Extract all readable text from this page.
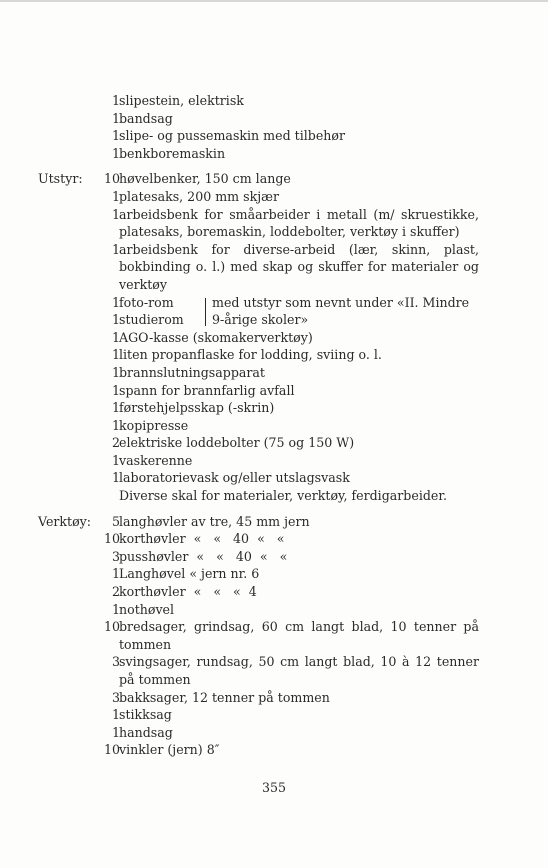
1 slipestein, elektrisk
1 bandsag
1 slipe- og pussemaskin med tilbehør
1 benkboremaskin
Utstyr:	10 høvelbenker, 150 cm lange
1 platesaks, 200 mm skjær
1 arbeidsbenk for småarbeider i metall (m/ skruestikke, platesaks, boremaskin, loddebolter, verktøy i skuffer)
1 arbeidsbenk for diverse-arbeid (lær, skinn, plast, bokbinding o. l.) med skap og skuffer for materialer og verktøy
1 foto-rom
1 studierom
med utstyr som nevnt under «II. Mindre 9-årige skoler»
1 AGO-kasse (skomakerverktøy)
1 liten propanflaske for lodding, sviing o. l.
1 brannslutningsapparat
1 spann for brannfarlig avfall
1 førstehjelpsskap (-skrin)
1 kopipresse
2 elektriske loddebolter (75 og 150 W)
1 vaskerenne
1 laboratorievask og/eller utslagsvask
Diverse skal for materialer, verktøy, ferdigarbeider.
Verktøy:	5 langhøvler av tre, 45 mm jern
10 korthøvler  «   «   40  «   «
3 pusshøvler  «   «   40  «   «
1 Langhøvel « jern nr. 6
2 korthøvler  «   «   «  4
1 nothøvel
10 bredsager, grindsag, 60 cm langt blad, 10 tenner på tommen
3 svingsager, rundsag, 50 cm langt blad, 10 à 12 tenner på tommen
3 bakksager, 12 tenner på tommen
1 stikksag
1 handsag
10 vinkler (jern) 8″
355
